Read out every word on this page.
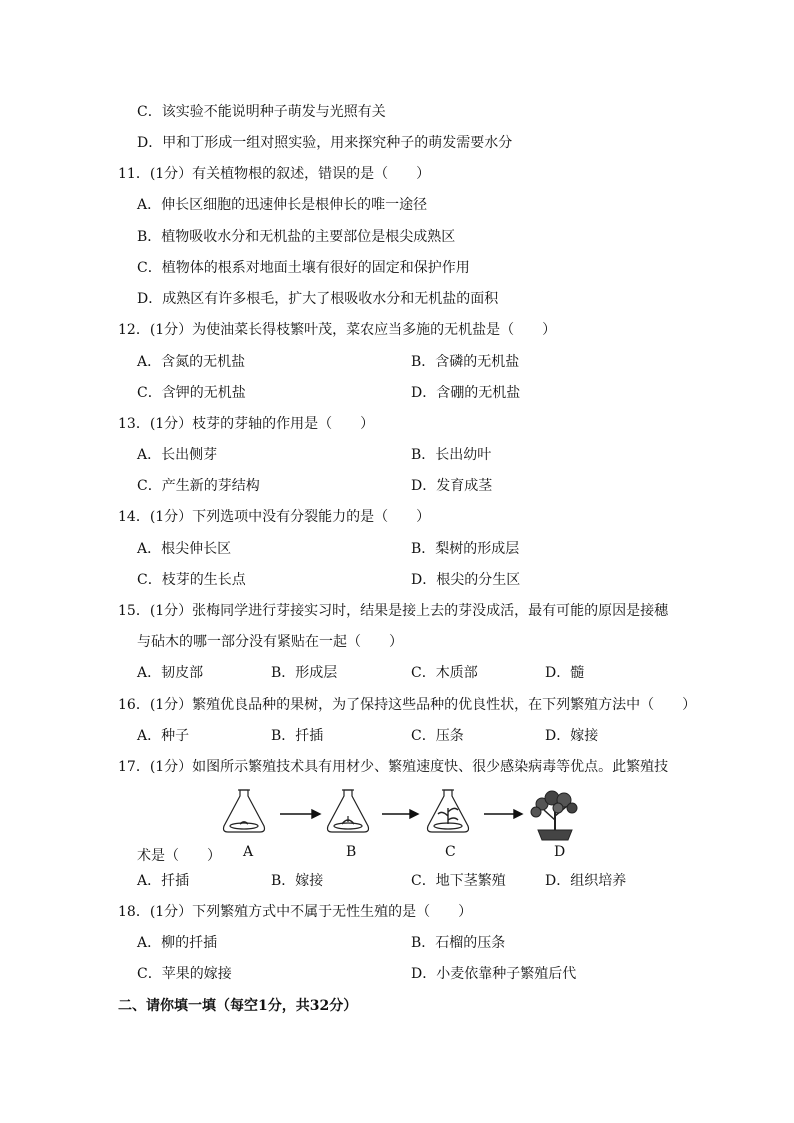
C．该实验不能说明种子萌发与光照有关
D．甲和丁形成一组对照实验，用来探究种子的萌发需要水分
11．(1分）有关植物根的叙述，错误的是（　　）
A．伸长区细胞的迅速伸长是根伸长的唯一途径
B．植物吸收水分和无机盐的主要部位是根尖成熟区
C．植物体的根系对地面土壤有很好的固定和保护作用
D．成熟区有许多根毛，扩大了根吸收水分和无机盐的面积
12．(1分）为使油菜长得枝繁叶茂，菜农应当多施的无机盐是（　　）
A．含氮的无机盐	B．含磷的无机盐
C．含钾的无机盐	D．含硼的无机盐
13．(1分）枝芽的芽轴的作用是（　　）
A．长出侧芽	B．长出幼叶
C．产生新的芽结构	D．发育成茎
14．(1分）下列选项中没有分裂能力的是（　　）
A．根尖伸长区	B．梨树的形成层
C．枝芽的生长点	D．根尖的分生区
15．(1分）张梅同学进行芽接实习时，结果是接上去的芽没成活，最有可能的原因是接穗
与砧木的哪一部分没有紧贴在一起（　　）
A．韧皮部	B．形成层	C．木质部	D．髓
16．(1分）繁殖优良品种的果树，为了保持这些品种的优良性状，在下列繁殖方法中（　　）
A．种子	B．扦插	C．压条	D．嫁接
17．(1分）如图所示繁殖技术具有用材少、繁殖速度快、很少感染病毒等优点。此繁殖技
A	B	C	D
术是（　　）
A．扦插	B．嫁接	C．地下茎繁殖	D．组织培养
18．(1分）下列繁殖方式中不属于无性生殖的是（　　）
A．柳的扦插	B．石榴的压条
C．苹果的嫁接	D．小麦依靠种子繁殖后代
二、请你填一填（每空1分，共32分）
